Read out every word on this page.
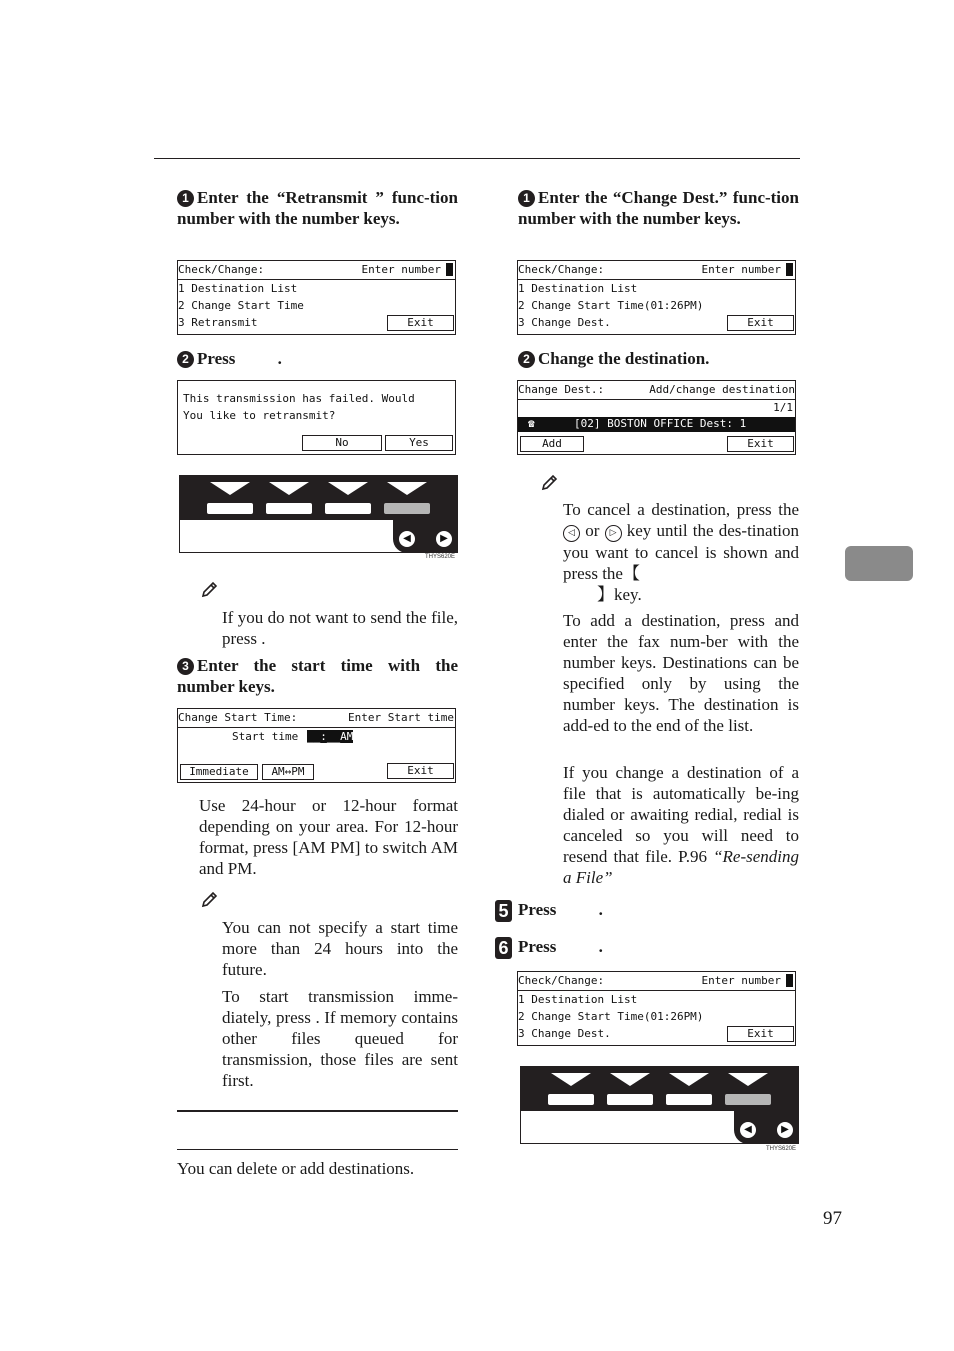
1 Enter the “Retransmit ” func-tion number with the number keys.
Check/Change:	Enter number
1 Destination List
2 Change Start Time
3 Retransmit	Exit
2 Press .
This transmission has failed. Would
You like to retransmit?
No	Yes
◀	▶
THYS620E
If you do not want to send the file, press .
3 Enter the start time with the number keys.
Change Start Time:	Enter Start time
Start time __:__AM
Immediate	AM↔PM	Exit
Use 24-hour or 12-hour format depending on your area. For 12-hour format, press [AM PM] to switch AM and PM.
You can not specify a start time more than 24 hours into the future.
To start transmission imme-diately, press . If memory contains other files queued for transmission, those files are sent first.
You can delete or add destinations.
1 Enter the “Change Dest.” func-tion number with the number keys.
Check/Change:	Enter number
1 Destination List
2 Change Start Time(01:26PM)
3 Change Dest.	Exit
2 Change the destination.
Change Dest.:	Add/change destination
1/1
☎	[02] BOSTON OFFICE Dest: 1
Add	Exit
To cancel a destination, press the ◁ or ▷ key until the des-tination you want to cancel is shown and press the【
】key.
To add a destination, press and enter the fax num-ber with the number keys. Destinations can be specified only by using the number keys. The destination is add-ed to the end of the list.
If you change a destination of a file that is automatically be-ing dialed or awaiting redial, redial is canceled so you will need to resend that file. P.96 “Re-sending a File”
5 Press .
6 Press .
Check/Change:	Enter number
1 Destination List
2 Change Start Time(01:26PM)
3 Change Dest.	Exit
◀	▶
THYS620E
97
